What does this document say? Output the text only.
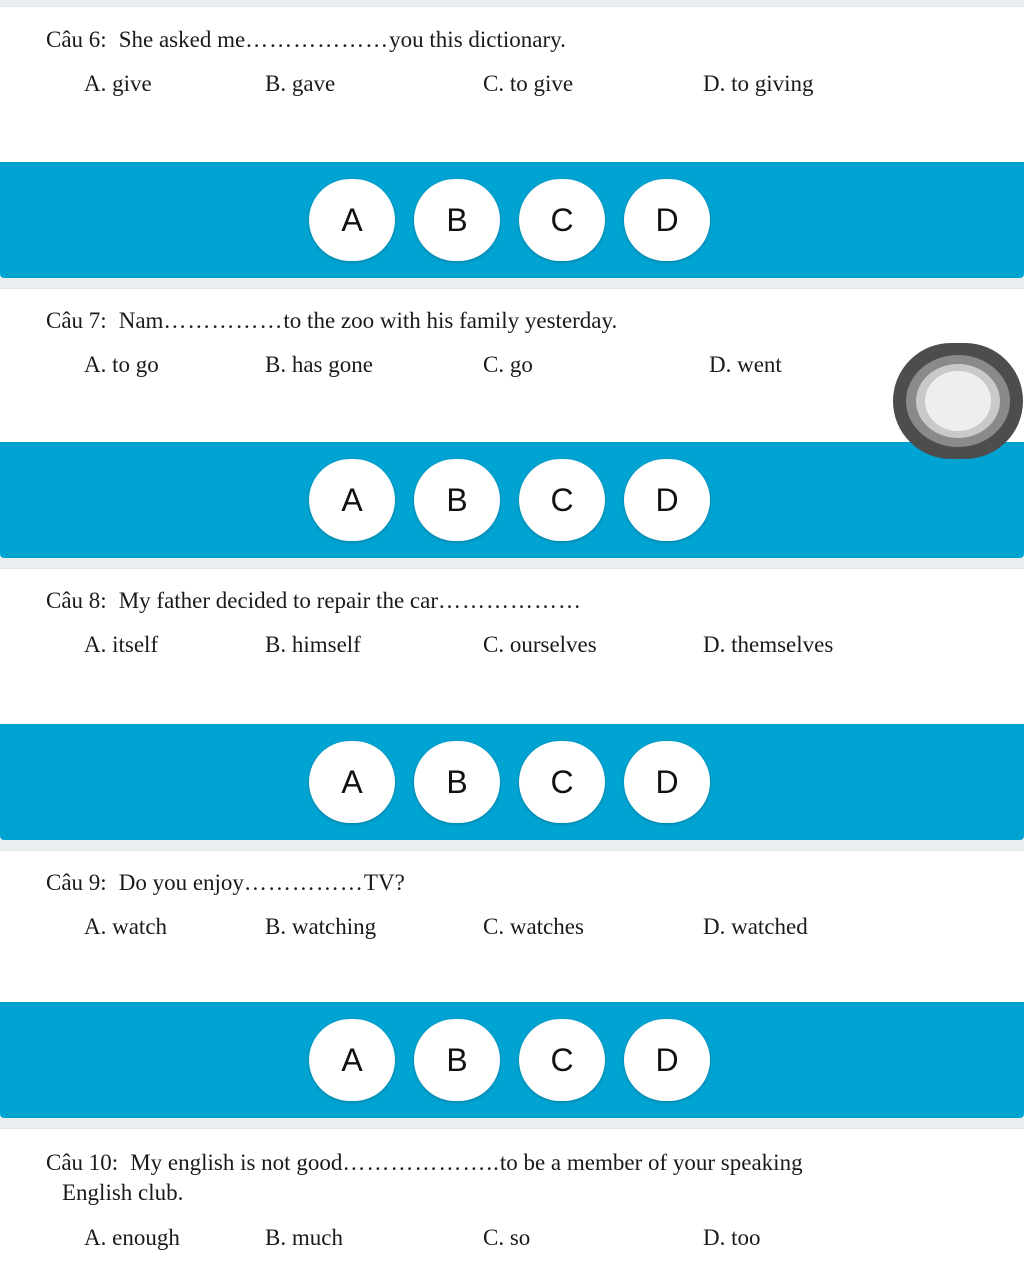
Câu 6: She asked me………………you this dictionary.
A. give	B. gave	C. to give	D. to giving
A	B	C	D
Câu 7: Nam……………to the zoo with his family yesterday.
A. to go	B. has gone	C. go	D. went
A	B	C	D
Câu 8: My father decided to repair the car………………
A. itself	B. himself	C. ourselves	D. themselves
A	B	C	D
Câu 9: Do you enjoy……………TV?
A. watch	B. watching	C. watches	D. watched
A	B	C	D
Câu 10: My english is not good………………..to be a member of your speaking
English club.
A. enough	B. much	C. so	D. too
